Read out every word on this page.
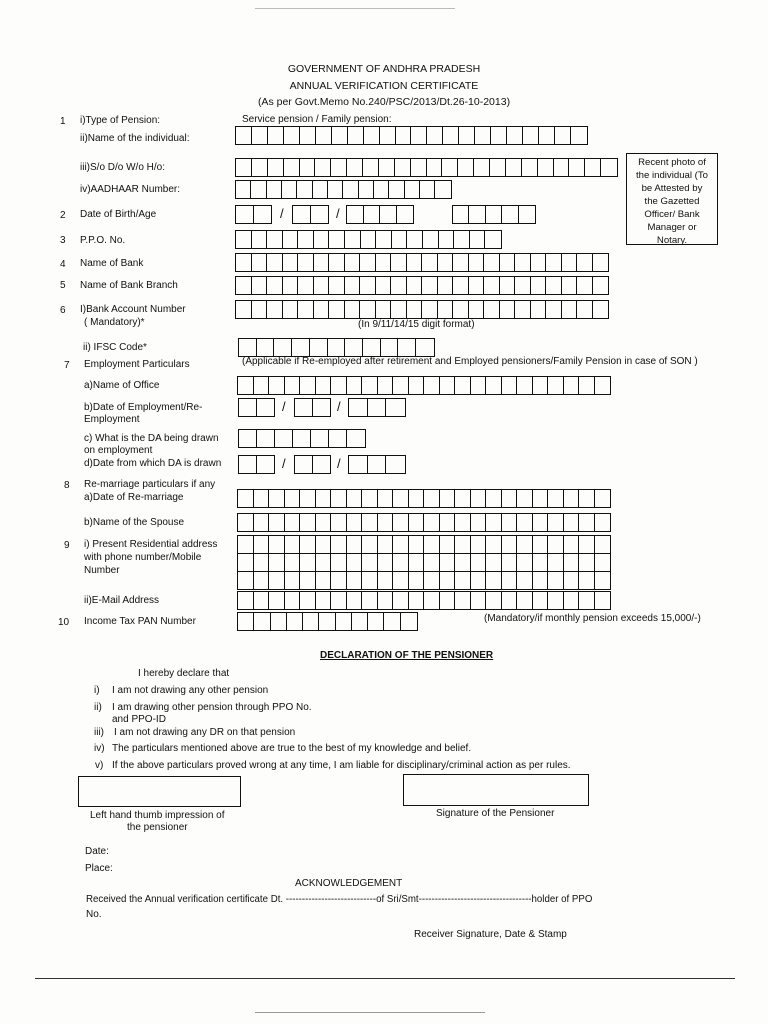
GOVERNMENT OF ANDHRA PRADESH
ANNUAL VERIFICATION CERTIFICATE
(As per Govt.Memo No.240/PSC/2013/Dt.26-10-2013)
1 i)Type of Pension:	Service pension / Family pension:
ii)Name of the individual:
iii)S/o D/o W/o H/o:
iv)AADHAAR Number:
Recent photo of
the individual (To
be Attested by
the Gazetted
Officer/ Bank
Manager or
Notary.
2 Date of Birth/Age	/	/
3 P.P.O. No.
4 Name of Bank
5 Name of Bank Branch
6 I)Bank Account Number
( Mandatory)*	(In 9/11/14/15 digit format)
ii) IFSC Code*
7 Employment Particulars	(Applicable if Re-employed after retirement and Employed pensioners/Family Pension in case of SON )
a)Name of Office
b)Date of Employment/Re-
Employment
/	/
c) What is the DA being drawn
on employment
d)Date from which DA is drawn	/	/
8 Re-marriage particulars if any
a)Date of Re-marriage
b)Name of the Spouse
9 i) Present Residential address
with phone number/Mobile
Number
ii)E-Mail Address
10 Income Tax PAN Number	(Mandatory/if monthly pension exceeds 15,000/-)
DECLARATION OF THE PENSIONER
I hereby declare that
i) I am not drawing any other pension
ii) I am drawing other pension through PPO No.
and PPO-ID
iii) I am not drawing any DR on that pension
iv) The particulars mentioned above are true to the best of my knowledge and belief.
v) If the above particulars proved wrong at any time, I am liable for disciplinary/criminal action as per rules.
Left hand thumb impression of
the pensioner
Signature of the Pensioner
Date:
Place:
ACKNOWLEDGEMENT
Received the Annual verification certificate Dt. ----------------------------of Sri/Smt-----------------------------------holder of PPO
No.
Receiver Signature, Date & Stamp
